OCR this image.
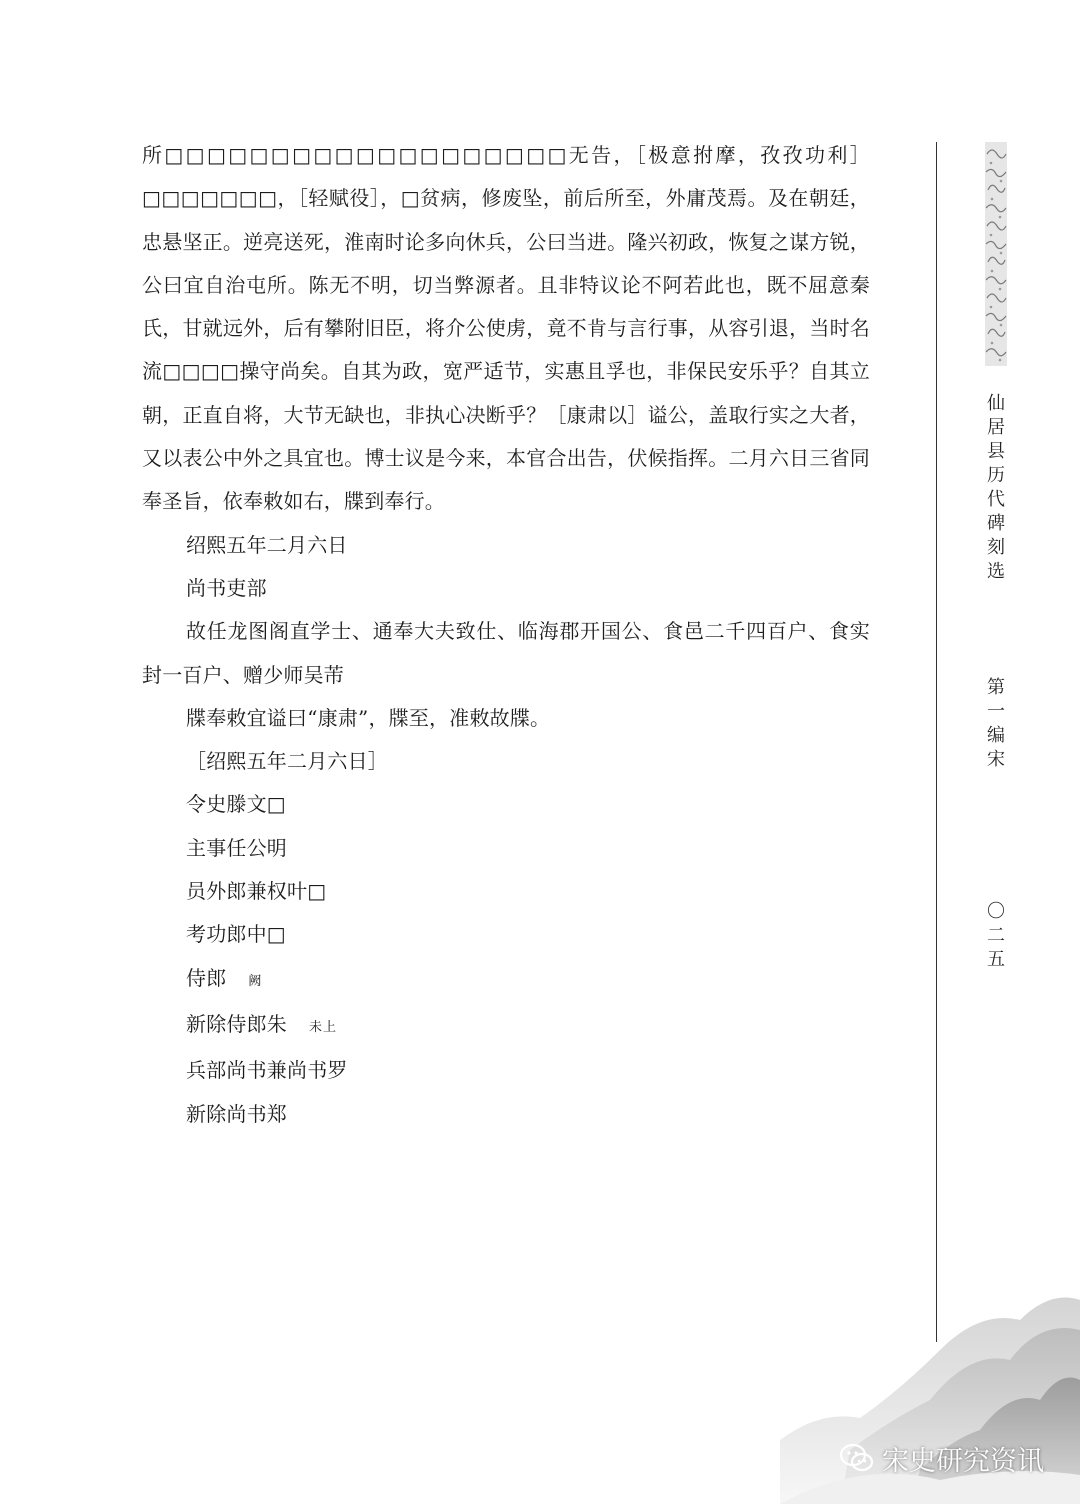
所□□□□□□□□□□□□□□□□□□□无告，［极意拊摩，孜孜功利］□□□□□□□，［轻赋役］，□贫病，修废坠，前后所至，外庸茂焉。及在朝廷，忠悬坚正。逆亮送死，淮南时论多向休兵，公曰当进。隆兴初政，恢复之谋方锐，公曰宜自治屯所。陈无不明，切当弊源者。且非特议论不阿若此也，既不屈意秦氏，甘就远外，后有攀附旧臣，将介公使虏，竟不肯与言行事，从容引退，当时名流□□□□操守尚矣。自其为政，宽严适节，实惠且孚也，非保民安乐乎？自其立朝，正直自将，大节无缺也，非执心决断乎？［康肃以］谥公，盖取行实之大者，又以表公中外之具宜也。博士议是今来，本官合出告，伏候指挥。二月六日三省同奉圣旨，依奉敕如右，牒到奉行。

绍熙五年二月六日

尚书吏部

故任龙图阁直学士、通奉大夫致仕、临海郡开国公、食邑二千四百户、食实封一百户、赠少师吴芾

牒奉敕宜谥曰“康肃”，牒至，准敕故牒。

［绍熙五年二月六日］

令史滕文□
主事任公明
员外郎兼权叶□
考功郎中□
侍郎 阙
新除侍郎朱 未上
兵部尚书兼尚书罗
新除尚书郑
仙居县历代碑刻选
第一编　宋
〇二五
宋史研究资讯
